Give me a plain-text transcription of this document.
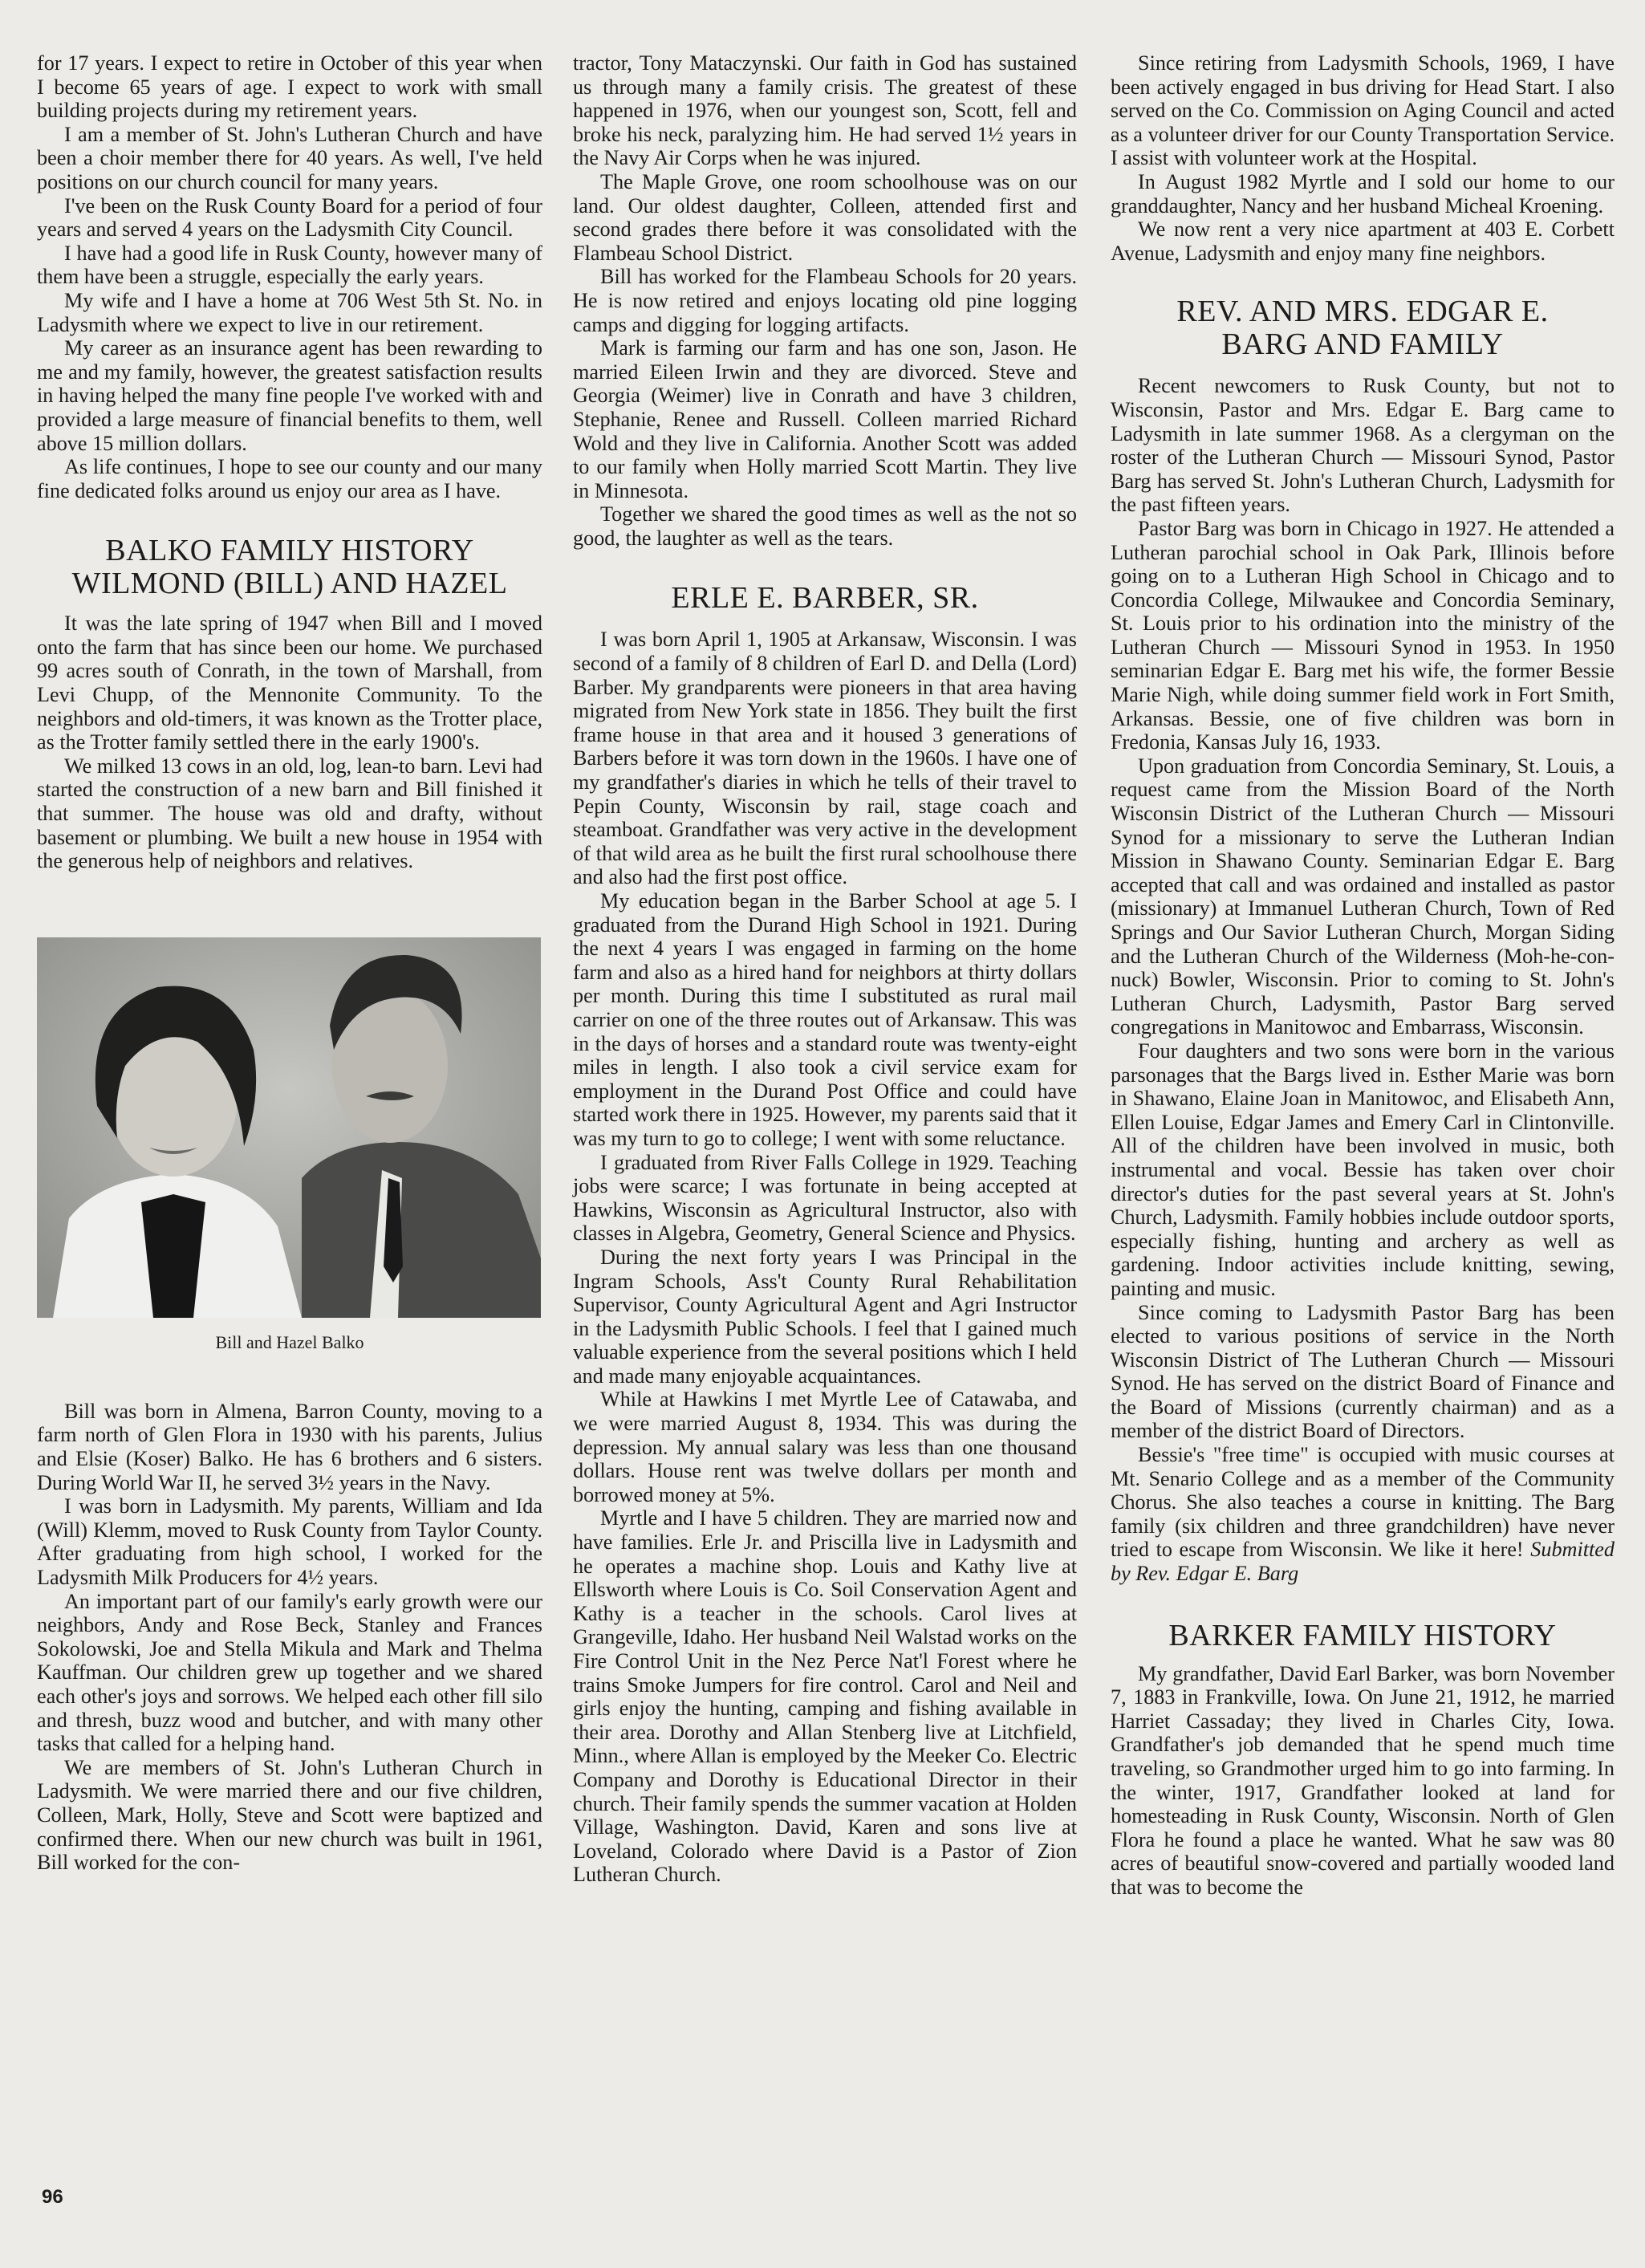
for 17 years. I expect to retire in October of this year when I become 65 years of age. I expect to work with small building projects during my retirement years.

I am a member of St. John's Lutheran Church and have been a choir member there for 40 years. As well, I've held positions on our church council for many years.

I've been on the Rusk County Board for a period of four years and served 4 years on the Ladysmith City Council.

I have had a good life in Rusk County, however many of them have been a struggle, especially the early years.

My wife and I have a home at 706 West 5th St. No. in Ladysmith where we expect to live in our retirement.

My career as an insurance agent has been rewarding to me and my family, however, the greatest satisfaction results in having helped the many fine people I've worked with and provided a large measure of financial benefits to them, well above 15 million dollars.

As life continues, I hope to see our county and our many fine dedicated folks around us enjoy our area as I have.

BALKO FAMILY HISTORY
WILMOND (BILL) AND HAZEL

It was the late spring of 1947 when Bill and I moved onto the farm that has since been our home. We purchased 99 acres south of Conrath, in the town of Marshall, from Levi Chupp, of the Mennonite Community. To the neighbors and old-timers, it was known as the Trotter place, as the Trotter family settled there in the early 1900's.

We milked 13 cows in an old, log, lean-to barn. Levi had started the construction of a new barn and Bill finished it that summer. The house was old and drafty, without basement or plumbing. We built a new house in 1954 with the generous help of neighbors and relatives.

Bill and Hazel Balko

Bill was born in Almena, Barron County, moving to a farm north of Glen Flora in 1930 with his parents, Julius and Elsie (Koser) Balko. He has 6 brothers and 6 sisters. During World War II, he served 3½ years in the Navy.

I was born in Ladysmith. My parents, William and Ida (Will) Klemm, moved to Rusk County from Taylor County. After graduating from high school, I worked for the Ladysmith Milk Producers for 4½ years.

An important part of our family's early growth were our neighbors, Andy and Rose Beck, Stanley and Frances Sokolowski, Joe and Stella Mikula and Mark and Thelma Kauffman. Our children grew up together and we shared each other's joys and sorrows. We helped each other fill silo and thresh, buzz wood and butcher, and with many other tasks that called for a helping hand.

We are members of St. John's Lutheran Church in Ladysmith. We were married there and our five children, Colleen, Mark, Holly, Steve and Scott were baptized and confirmed there. When our new church was built in 1961, Bill worked for the con-

tractor, Tony Mataczynski. Our faith in God has sustained us through many a family crisis. The greatest of these happened in 1976, when our youngest son, Scott, fell and broke his neck, paralyzing him. He had served 1½ years in the Navy Air Corps when he was injured.

The Maple Grove, one room schoolhouse was on our land. Our oldest daughter, Colleen, attended first and second grades there before it was consolidated with the Flambeau School District.

Bill has worked for the Flambeau Schools for 20 years. He is now retired and enjoys locating old pine logging camps and digging for logging artifacts.

Mark is farming our farm and has one son, Jason. He married Eileen Irwin and they are divorced. Steve and Georgia (Weimer) live in Conrath and have 3 children, Stephanie, Renee and Russell. Colleen married Richard Wold and they live in California. Another Scott was added to our family when Holly married Scott Martin. They live in Minnesota.

Together we shared the good times as well as the not so good, the laughter as well as the tears.

ERLE E. BARBER, SR.

I was born April 1, 1905 at Arkansaw, Wisconsin. I was second of a family of 8 children of Earl D. and Della (Lord) Barber. My grandparents were pioneers in that area having migrated from New York state in 1856. They built the first frame house in that area and it housed 3 generations of Barbers before it was torn down in the 1960s. I have one of my grandfather's diaries in which he tells of their travel to Pepin County, Wisconsin by rail, stage coach and steamboat. Grandfather was very active in the development of that wild area as he built the first rural schoolhouse there and also had the first post office.

My education began in the Barber School at age 5. I graduated from the Durand High School in 1921. During the next 4 years I was engaged in farming on the home farm and also as a hired hand for neighbors at thirty dollars per month. During this time I substituted as rural mail carrier on one of the three routes out of Arkansaw. This was in the days of horses and a standard route was twenty-eight miles in length. I also took a civil service exam for employment in the Durand Post Office and could have started work there in 1925. However, my parents said that it was my turn to go to college; I went with some reluctance.

I graduated from River Falls College in 1929. Teaching jobs were scarce; I was fortunate in being accepted at Hawkins, Wisconsin as Agricultural Instructor, also with classes in Algebra, Geometry, General Science and Physics.

During the next forty years I was Principal in the Ingram Schools, Ass't County Rural Rehabilitation Supervisor, County Agricultural Agent and Agri Instructor in the Ladysmith Public Schools. I feel that I gained much valuable experience from the several positions which I held and made many enjoyable acquaintances.

While at Hawkins I met Myrtle Lee of Catawaba, and we were married August 8, 1934. This was during the depression. My annual salary was less than one thousand dollars. House rent was twelve dollars per month and borrowed money at 5%.

Myrtle and I have 5 children. They are married now and have families. Erle Jr. and Priscilla live in Ladysmith and he operates a machine shop. Louis and Kathy live at Ellsworth where Louis is Co. Soil Conservation Agent and Kathy is a teacher in the schools. Carol lives at Grangeville, Idaho. Her husband Neil Walstad works on the Fire Control Unit in the Nez Perce Nat'l Forest where he trains Smoke Jumpers for fire control. Carol and Neil and girls enjoy the hunting, camping and fishing available in their area. Dorothy and Allan Stenberg live at Litchfield, Minn., where Allan is employed by the Meeker Co. Electric Company and Dorothy is Educational Director in their church. Their family spends the summer vacation at Holden Village, Washington. David, Karen and sons live at Loveland, Colorado where David is a Pastor of Zion Lutheran Church.

Since retiring from Ladysmith Schools, 1969, I have been actively engaged in bus driving for Head Start. I also served on the Co. Commission on Aging Council and acted as a volunteer driver for our County Transportation Service. I assist with volunteer work at the Hospital.

In August 1982 Myrtle and I sold our home to our granddaughter, Nancy and her husband Micheal Kroening.

We now rent a very nice apartment at 403 E. Corbett Avenue, Ladysmith and enjoy many fine neighbors.

REV. AND MRS. EDGAR E.
BARG AND FAMILY

Recent newcomers to Rusk County, but not to Wisconsin, Pastor and Mrs. Edgar E. Barg came to Ladysmith in late summer 1968. As a clergyman on the roster of the Lutheran Church — Missouri Synod, Pastor Barg has served St. John's Lutheran Church, Ladysmith for the past fifteen years.

Pastor Barg was born in Chicago in 1927. He attended a Lutheran parochial school in Oak Park, Illinois before going on to a Lutheran High School in Chicago and to Concordia College, Milwaukee and Concordia Seminary, St. Louis prior to his ordination into the ministry of the Lutheran Church — Missouri Synod in 1953. In 1950 seminarian Edgar E. Barg met his wife, the former Bessie Marie Nigh, while doing summer field work in Fort Smith, Arkansas. Bessie, one of five children was born in Fredonia, Kansas July 16, 1933.

Upon graduation from Concordia Seminary, St. Louis, a request came from the Mission Board of the North Wisconsin District of the Lutheran Church — Missouri Synod for a missionary to serve the Lutheran Indian Mission in Shawano County. Seminarian Edgar E. Barg accepted that call and was ordained and installed as pastor (missionary) at Immanuel Lutheran Church, Town of Red Springs and Our Savior Lutheran Church, Morgan Siding and the Lutheran Church of the Wilderness (Moh-he-con-nuck) Bowler, Wisconsin. Prior to coming to St. John's Lutheran Church, Ladysmith, Pastor Barg served congregations in Manitowoc and Embarrass, Wisconsin.

Four daughters and two sons were born in the various parsonages that the Bargs lived in. Esther Marie was born in Shawano, Elaine Joan in Manitowoc, and Elisabeth Ann, Ellen Louise, Edgar James and Emery Carl in Clintonville. All of the children have been involved in music, both instrumental and vocal. Bessie has taken over choir director's duties for the past several years at St. John's Church, Ladysmith. Family hobbies include outdoor sports, especially fishing, hunting and archery as well as gardening. Indoor activities include knitting, sewing, painting and music.

Since coming to Ladysmith Pastor Barg has been elected to various positions of service in the North Wisconsin District of The Lutheran Church — Missouri Synod. He has served on the district Board of Finance and the Board of Missions (currently chairman) and as a member of the district Board of Directors.

Bessie's "free time" is occupied with music courses at Mt. Senario College and as a member of the Community Chorus. She also teaches a course in knitting. The Barg family (six children and three grandchildren) have never tried to escape from Wisconsin. We like it here! Submitted by Rev. Edgar E. Barg

BARKER FAMILY HISTORY

My grandfather, David Earl Barker, was born November 7, 1883 in Frankville, Iowa. On June 21, 1912, he married Harriet Cassaday; they lived in Charles City, Iowa. Grandfather's job demanded that he spend much time traveling, so Grandmother urged him to go into farming. In the winter, 1917, Grandfather looked at land for homesteading in Rusk County, Wisconsin. North of Glen Flora he found a place he wanted. What he saw was 80 acres of beautiful snow-covered and partially wooded land that was to become the

96
